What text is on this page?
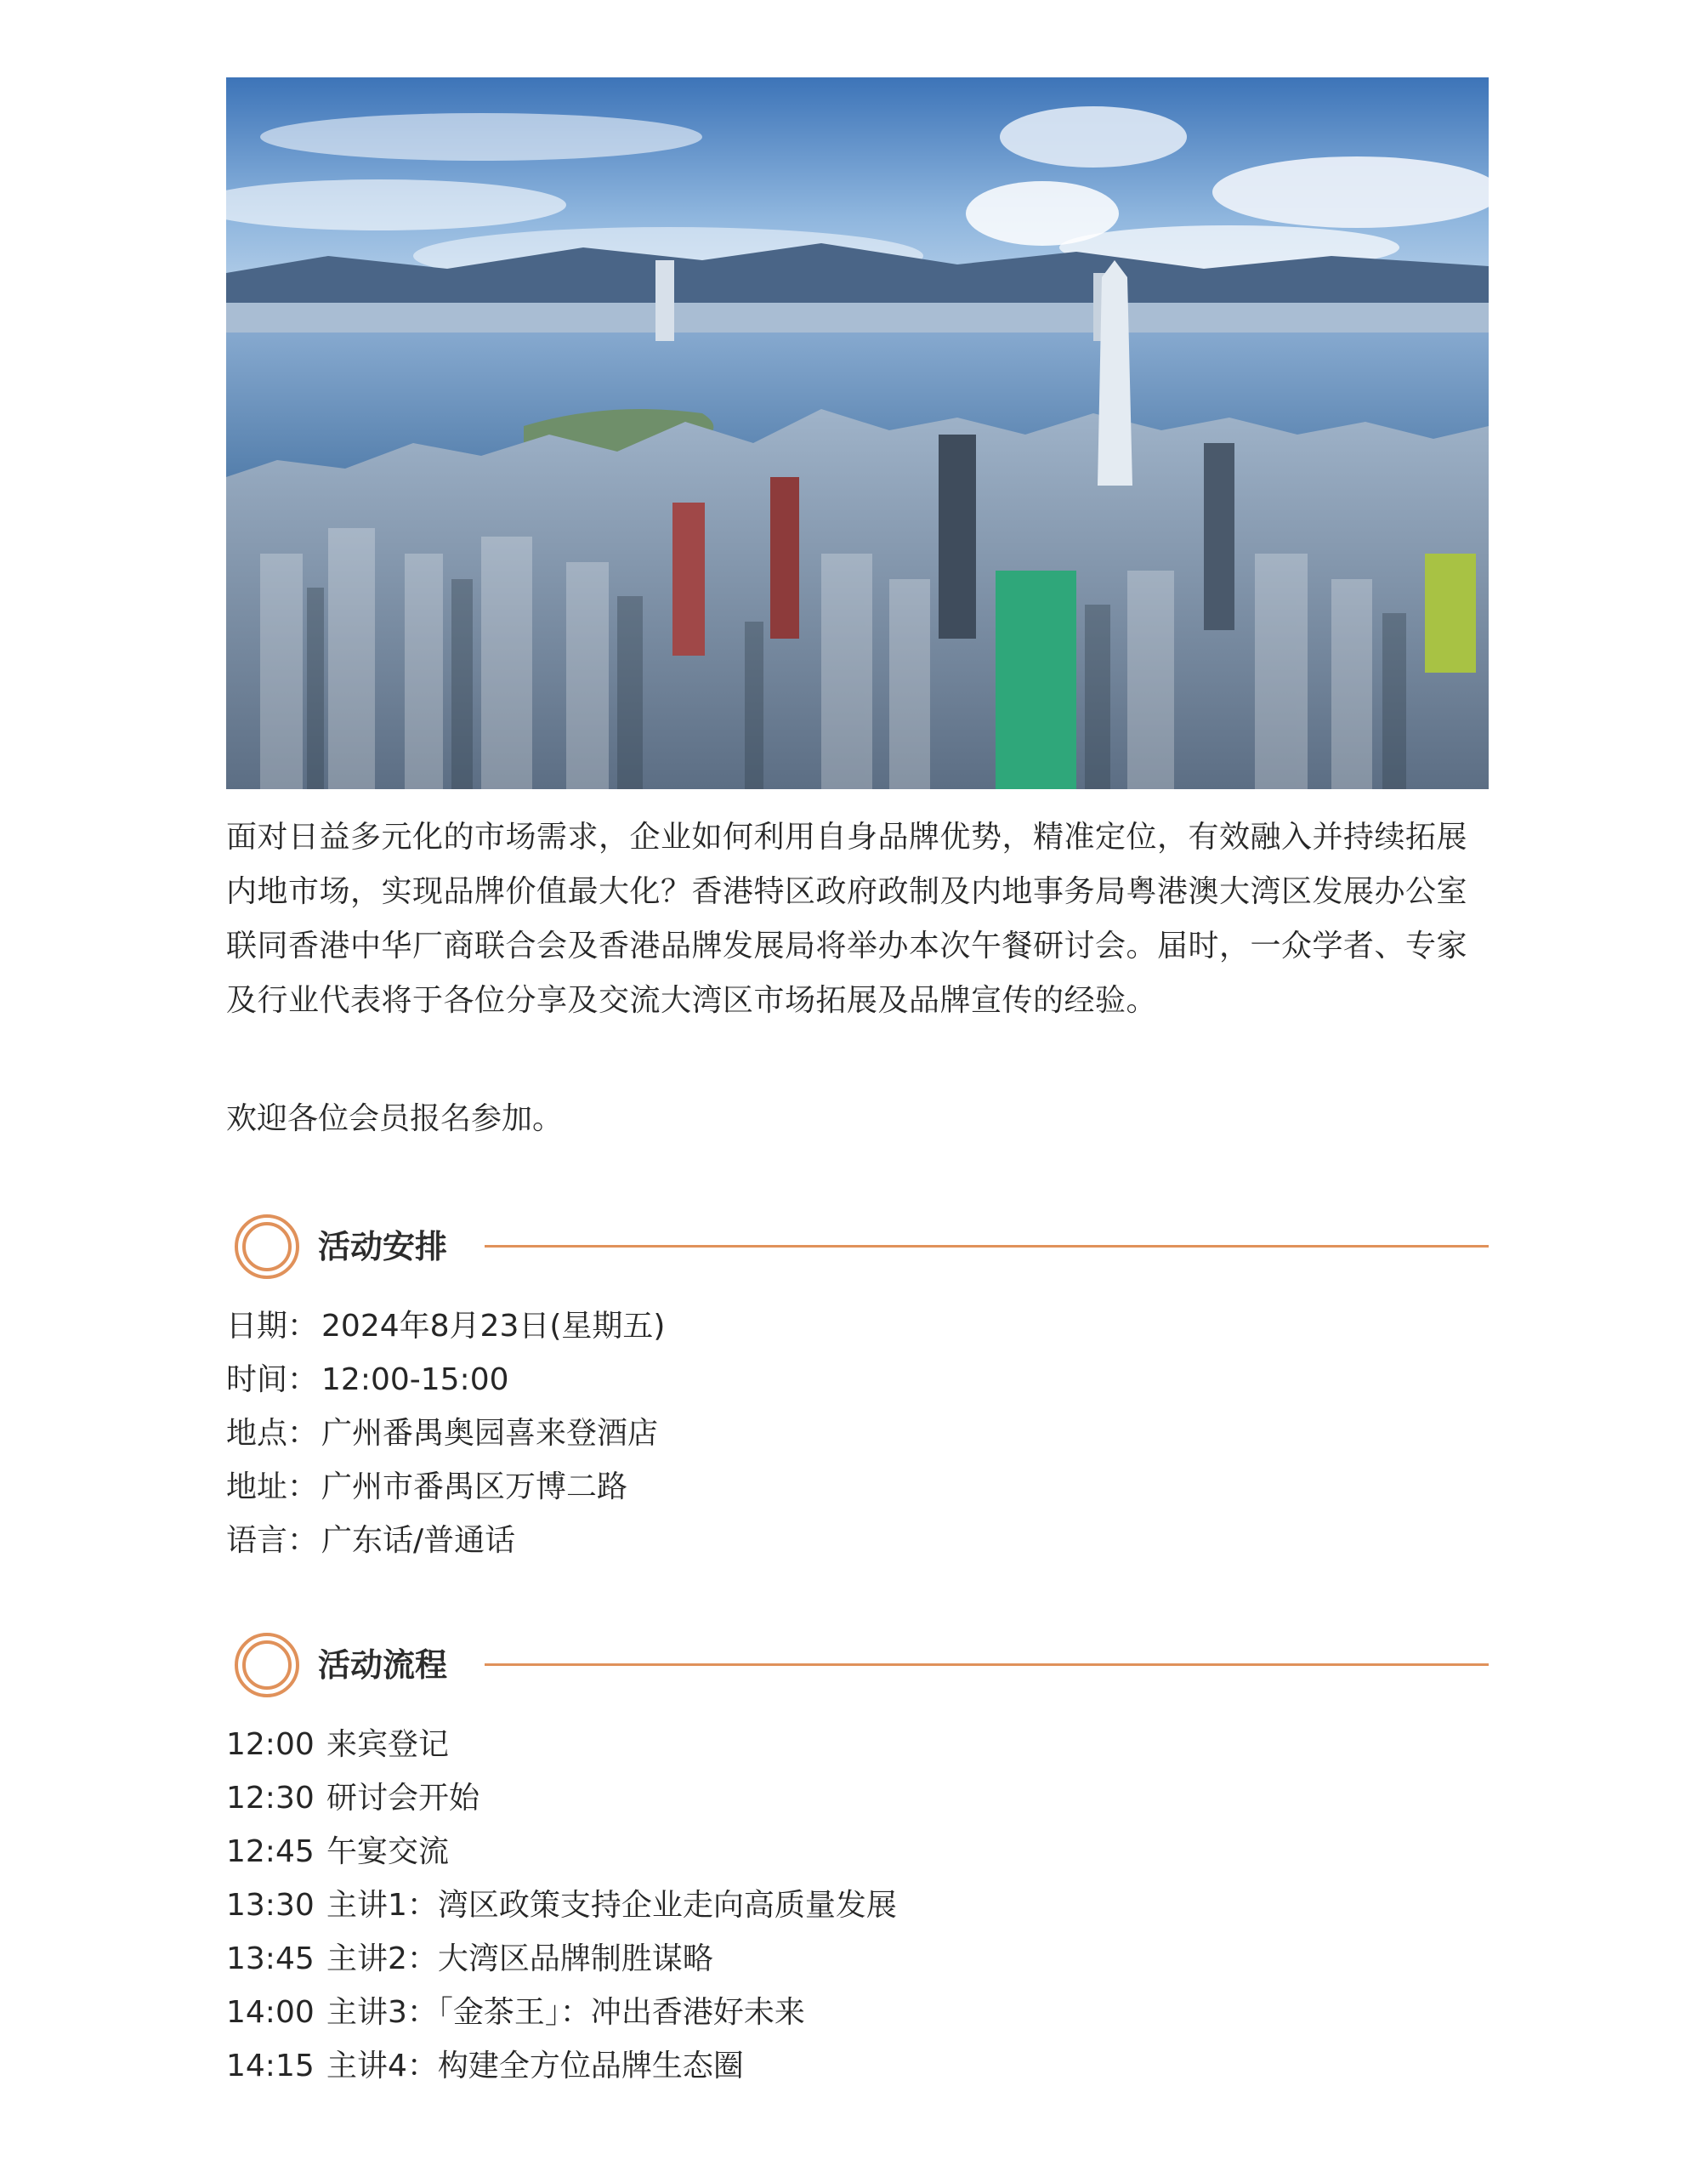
面对日益多元化的市场需求，企业如何利用自身品牌优势，精准定位，有效融入并持续拓展内地市场，实现品牌价值最大化？香港特区政府政制及内地事务局粤港澳大湾区发展办公室联同香港中华厂商联合会及香港品牌发展局将举办本次午餐研讨会。届时，一众学者、专家及行业代表将于各位分享及交流大湾区市场拓展及品牌宣传的经验。

欢迎各位会员报名参加。

活动安排
日期： 2024年8月23日(星期五)
时间： 12:00-15:00
地点： 广州番禺奥园喜来登酒店
地址： 广州市番禺区万博二路
语言： 广东话/普通话
活动流程
12:00 来宾登记
12:30 研讨会开始
12:45 午宴交流
13:30 主讲1：湾区政策支持企业走向高质量发展
13:45 主讲2：大湾区品牌制胜谋略
14:00 主讲3：「金茶王」：冲出香港好未来
14:15 主讲4：构建全方位品牌生态圈
